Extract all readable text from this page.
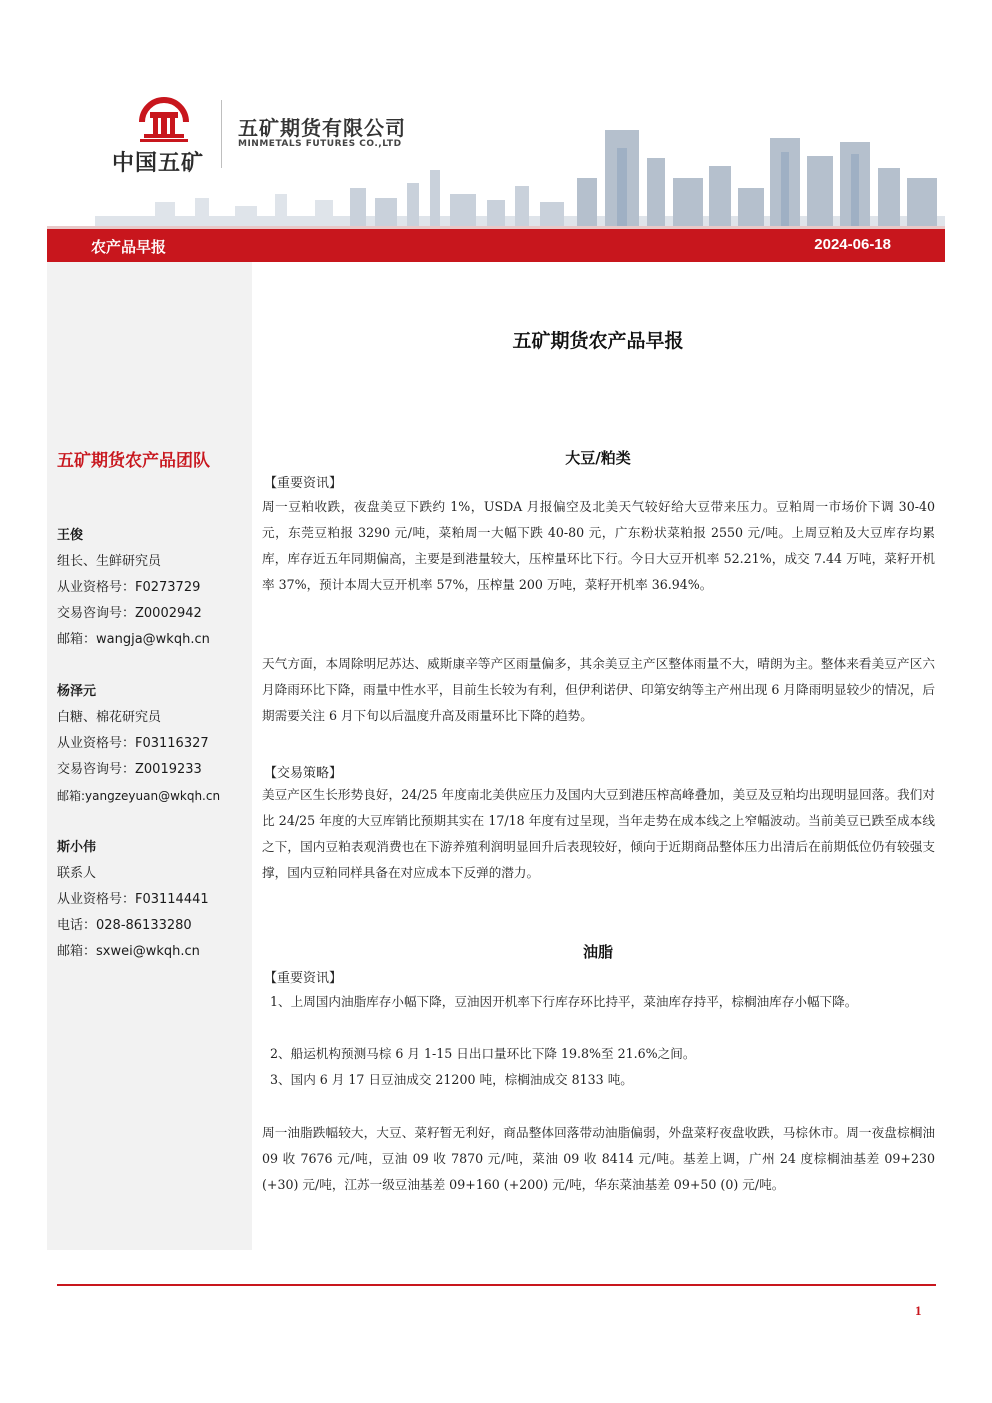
中国五矿
五矿期货有限公司
MINMETALS FUTURES CO.,LTD
农产品早报	2024-06-18
五矿期货农产品团队
王俊
组长、生鲜研究员
从业资格号：F0273729
交易咨询号：Z0002942
邮箱：wangja@wkqh.cn
杨泽元
白糖、棉花研究员
从业资格号：F03116327
交易咨询号：Z0019233
邮箱:yangzeyuan@wkqh.cn
斯小伟
联系人
从业资格号：F03114441
电话：028-86133280
邮箱：sxwei@wkqh.cn
五矿期货农产品早报
大豆/粕类
【重要资讯】
周一豆粕收跌，夜盘美豆下跌约 1%，USDA 月报偏空及北美天气较好给大豆带来压力。豆粕周一市场价下调 30-40 元，东莞豆粕报 3290 元/吨，菜粕周一大幅下跌 40-80 元，广东粉状菜粕报 2550 元/吨。上周豆粕及大豆库存均累库，库存近五年同期偏高，主要是到港量较大，压榨量环比下行。今日大豆开机率 52.21%，成交 7.44 万吨，菜籽开机率 37%，预计本周大豆开机率 57%，压榨量 200 万吨，菜籽开机率 36.94%。
天气方面，本周除明尼苏达、威斯康辛等产区雨量偏多，其余美豆主产区整体雨量不大，晴朗为主。整体来看美豆产区六月降雨环比下降，雨量中性水平，目前生长较为有利，但伊利诺伊、印第安纳等主产州出现 6 月降雨明显较少的情况，后期需要关注 6 月下旬以后温度升高及雨量环比下降的趋势。
【交易策略】
美豆产区生长形势良好，24/25 年度南北美供应压力及国内大豆到港压榨高峰叠加，美豆及豆粕均出现明显回落。我们对比 24/25 年度的大豆库销比预期其实在 17/18 年度有过呈现，当年走势在成本线之上窄幅波动。当前美豆已跌至成本线之下，国内豆粕表观消费也在下游养殖利润明显回升后表现较好，倾向于近期商品整体压力出清后在前期低位仍有较强支撑，国内豆粕同样具备在对应成本下反弹的潜力。
油脂
【重要资讯】
1、上周国内油脂库存小幅下降，豆油因开机率下行库存环比持平，菜油库存持平，棕榈油库存小幅下降。
2、船运机构预测马棕 6 月 1-15 日出口量环比下降 19.8%至 21.6%之间。
3、国内 6 月 17 日豆油成交 21200 吨，棕榈油成交 8133 吨。
周一油脂跌幅较大，大豆、菜籽暂无利好，商品整体回落带动油脂偏弱，外盘菜籽夜盘收跌，马棕休市。周一夜盘棕榈油 09 收 7676 元/吨，豆油 09 收 7870 元/吨，菜油 09 收 8414 元/吨。基差上调，广州 24 度棕榈油基差 09+230 (+30) 元/吨，江苏一级豆油基差 09+160 (+200) 元/吨，华东菜油基差 09+50 (0) 元/吨。
1
